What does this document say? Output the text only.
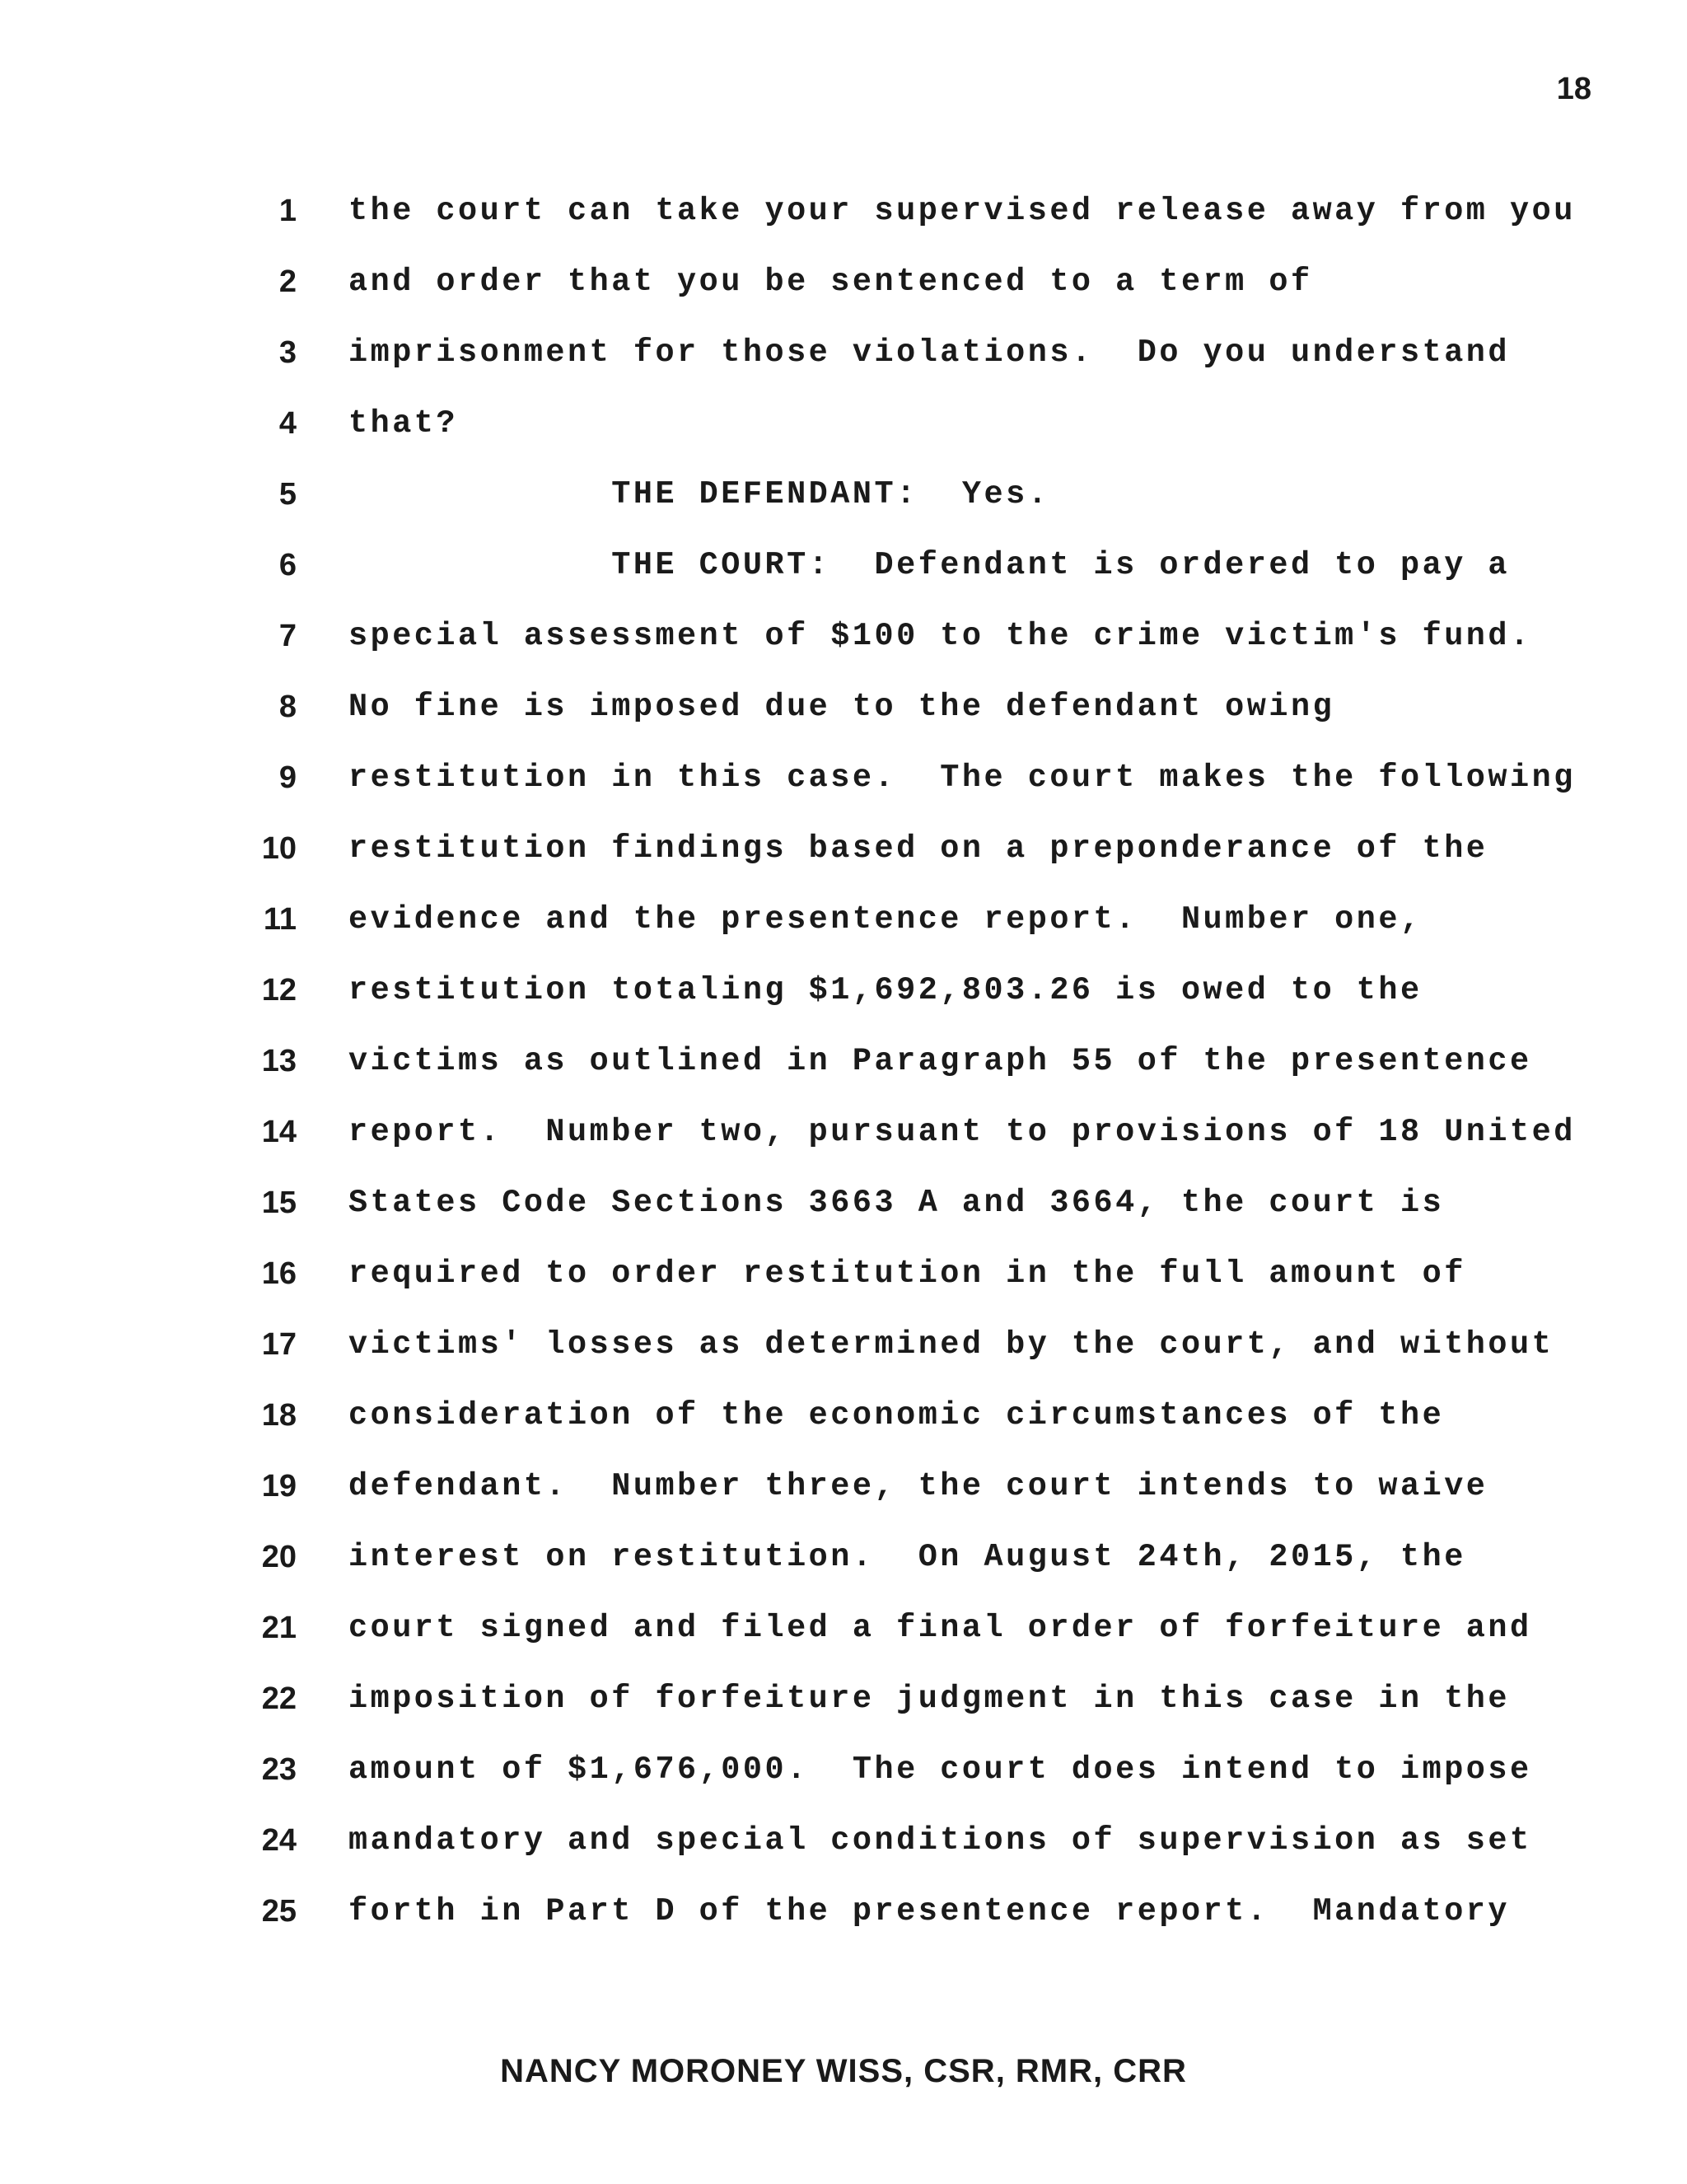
18
1 the court can take your supervised release away from you
2 and order that you be sentenced to a term of
3 imprisonment for those violations.  Do you understand
4 that?
5 THE DEFENDANT:  Yes.
6 THE COURT:  Defendant is ordered to pay a
7 special assessment of $100 to the crime victim's fund.
8 No fine is imposed due to the defendant owing
9 restitution in this case.  The court makes the following
10 restitution findings based on a preponderance of the
11 evidence and the presentence report.  Number one,
12 restitution totaling $1,692,803.26 is owed to the
13 victims as outlined in Paragraph 55 of the presentence
14 report.  Number two, pursuant to provisions of 18 United
15 States Code Sections 3663 A and 3664, the court is
16 required to order restitution in the full amount of
17 victims' losses as determined by the court, and without
18 consideration of the economic circumstances of the
19 defendant.  Number three, the court intends to waive
20 interest on restitution.  On August 24th, 2015, the
21 court signed and filed a final order of forfeiture and
22 imposition of forfeiture judgment in this case in the
23 amount of $1,676,000.  The court does intend to impose
24 mandatory and special conditions of supervision as set
25 forth in Part D of the presentence report.  Mandatory
NANCY MORONEY WISS, CSR, RMR, CRR
